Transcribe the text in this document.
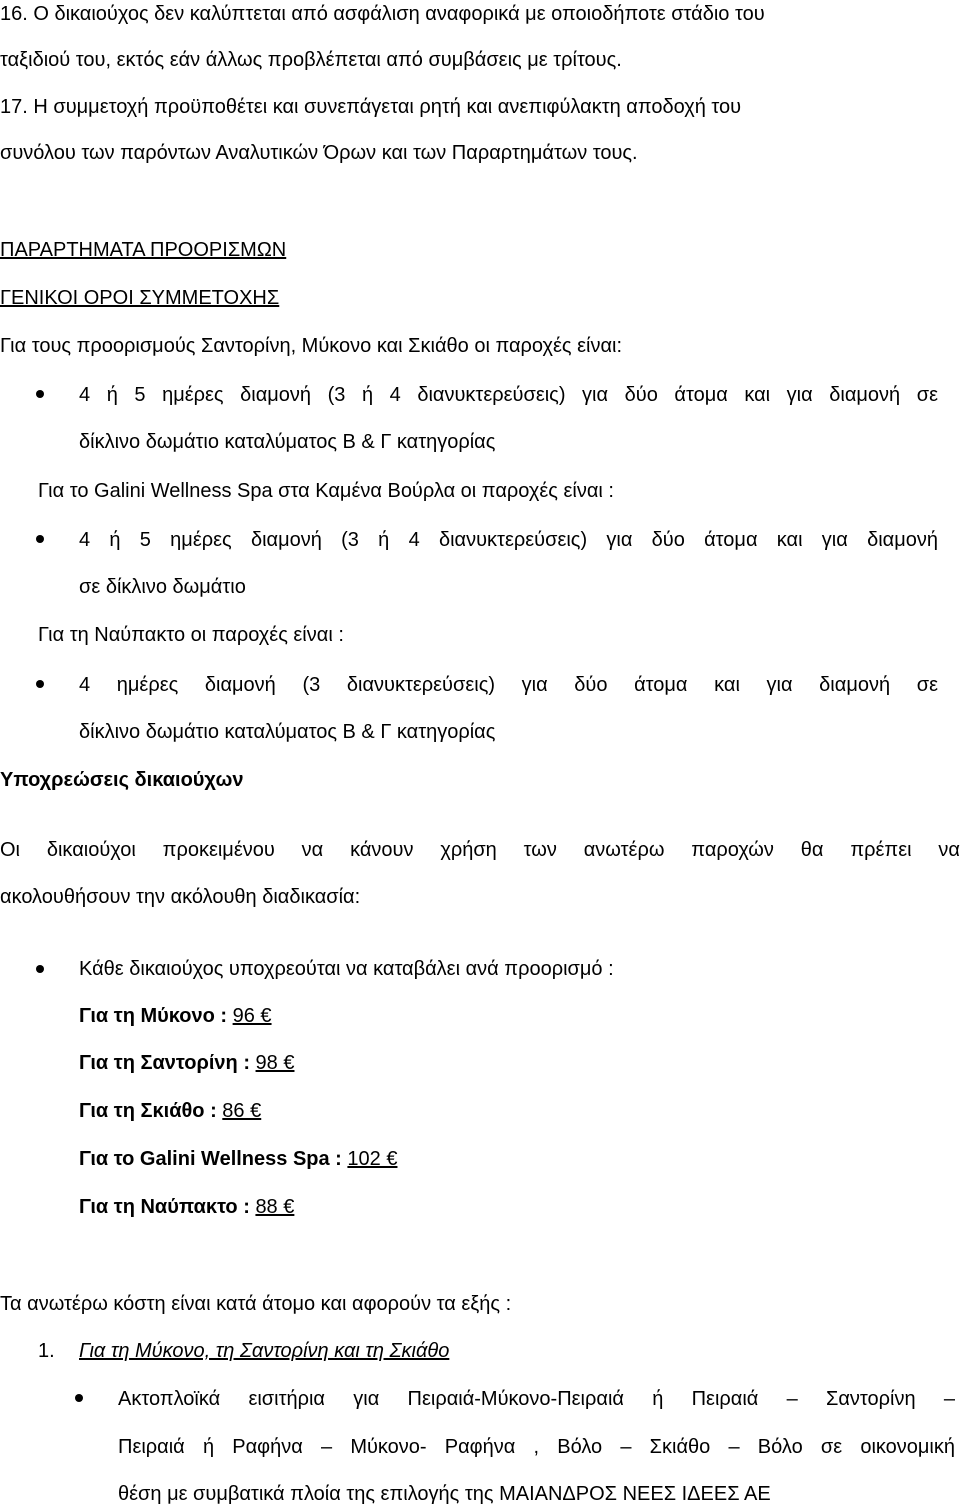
16. Ο δικαιούχος δεν καλύπτεται από ασφάλιση αναφορικά με οποιοδήποτε στάδιο του
ταξιδιού του, εκτός εάν άλλως προβλέπεται από συμβάσεις με τρίτους.
17. Η συμμετοχή προϋποθέτει και συνεπάγεται ρητή και ανεπιφύλακτη αποδοχή του
συνόλου των παρόντων Αναλυτικών Όρων και των Παραρτημάτων τους.
ΠΑΡΑΡΤΗΜΑΤΑ ΠΡΟΟΡΙΣΜΩΝ
ΓΕΝΙΚΟΙ ΟΡΟΙ ΣΥΜΜΕΤΟΧΗΣ
Για τους προορισμούς Σαντορίνη, Μύκονο και Σκιάθο οι παροχές είναι:
4 ή 5 ημέρες διαμονή (3 ή 4 διανυκτερεύσεις) για δύο άτομα και για διαμονή σε
δίκλινο δωμάτιο καταλύματος Β & Γ κατηγορίας
Για το Galini Wellness Spa στα Καμένα Βούρλα οι παροχές είναι :
4 ή 5 ημέρες διαμονή (3 ή 4 διανυκτερεύσεις) για δύο άτομα και για διαμονή
σε δίκλινο δωμάτιο
Για τη Ναύπακτο οι παροχές είναι :
4 ημέρες διαμονή (3 διανυκτερεύσεις) για δύο άτομα και για διαμονή σε
δίκλινο δωμάτιο καταλύματος Β & Γ κατηγορίας
Υποχρεώσεις δικαιούχων
Οι δικαιούχοι προκειμένου να κάνουν χρήση των ανωτέρω παροχών θα πρέπει να
ακολουθήσουν την ακόλουθη διαδικασία:
Κάθε δικαιούχος υποχρεούται να καταβάλει ανά προορισμό :
Για τη Μύκονο : 96 €
Για τη Σαντορίνη : 98 €
Για τη Σκιάθο : 86 €
Για το Galini Wellness Spa : 102 €
Για τη Ναύπακτο : 88 €
Τα ανωτέρω κόστη είναι κατά άτομο και αφορούν τα εξής :
1. Για τη Μύκονο, τη Σαντορίνη και τη Σκιάθο
Ακτοπλοϊκά εισιτήρια για Πειραιά-Μύκονο-Πειραιά ή Πειραιά – Σαντορίνη –
Πειραιά ή Ραφήνα – Μύκονο- Ραφήνα , Βόλο – Σκιάθο – Βόλο σε οικονομική
θέση με συμβατικά πλοία της επιλογής της ΜΑΙΑΝΔΡΟΣ ΝΕΕΣ ΙΔΕΕΣ ΑΕ
